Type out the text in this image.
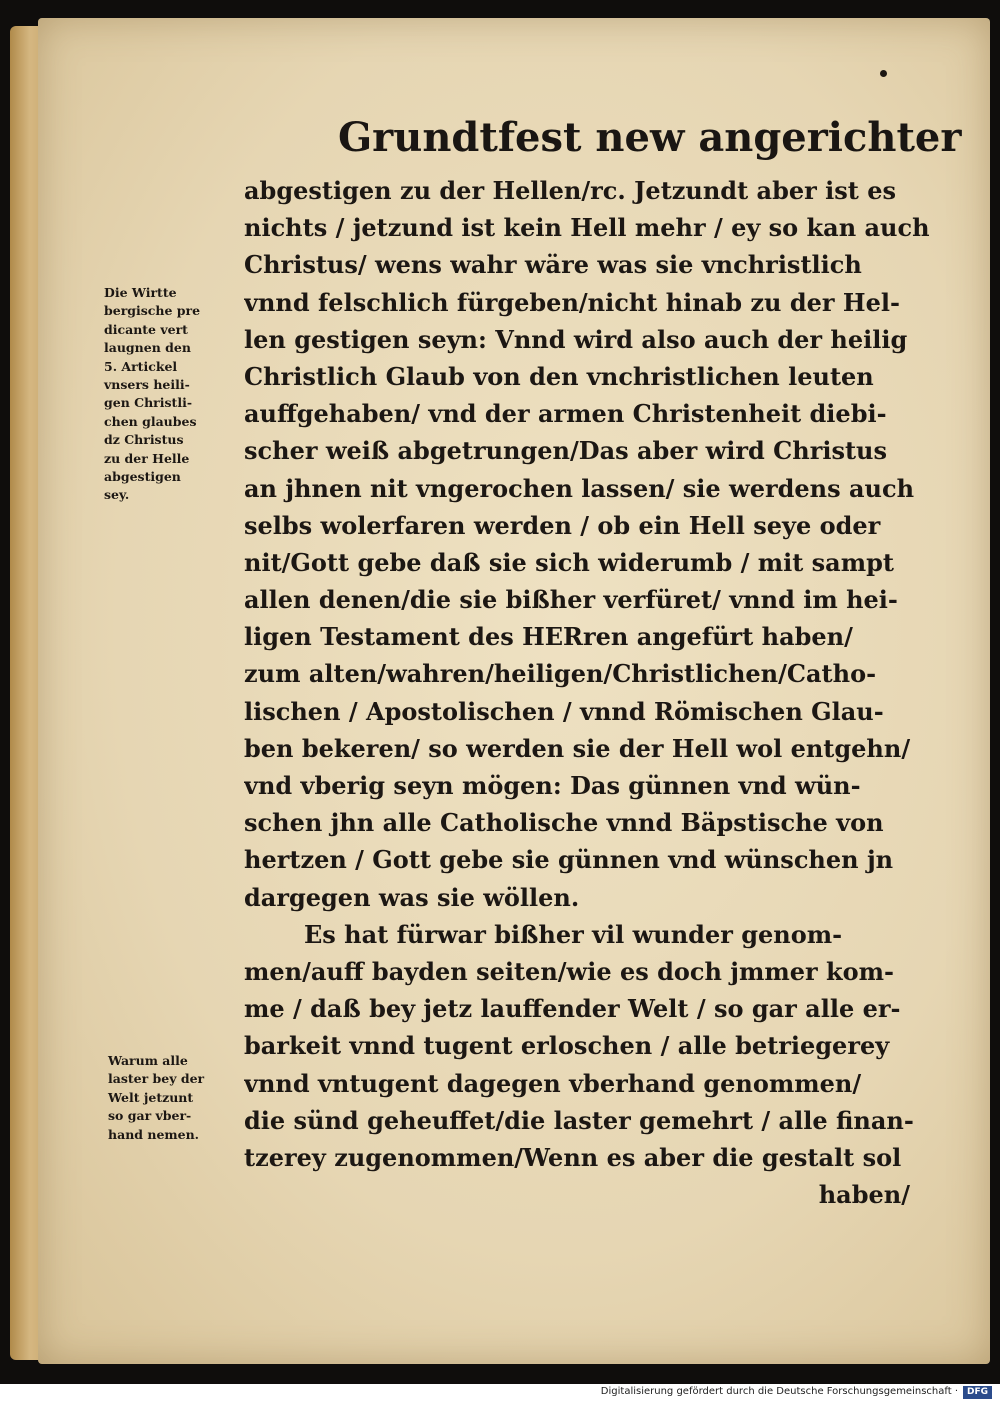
Grundtfest new angerichter
abgestigen zu der Hellen/rc. Jetzundt aber ist es
nichts / jetzund ist kein Hell mehr / ey so kan auch
Christus/ wens wahr wäre was sie vnchristlich
vnnd felschlich fürgeben/nicht hinab zu der Hel-
len gestigen seyn: Vnnd wird also auch der heilig
Christlich Glaub von den vnchristlichen leuten
auffgehaben/ vnd der armen Christenheit diebi-
scher weiß abgetrungen/Das aber wird Christus
an jhnen nit vngerochen lassen/ sie werdens auch
selbs wolerfaren werden / ob ein Hell seye oder
nit/Gott gebe daß sie sich widerumb / mit sampt
allen denen/die sie bißher verfüret/ vnnd im hei-
ligen Testament des HERren angefürt haben/
zum alten/wahren/heiligen/Christlichen/Catho-
lischen / Apostolischen / vnnd Römischen Glau-
ben bekeren/ so werden sie der Hell wol entgehn/
vnd vberig seyn mögen: Das günnen vnd wün-
schen jhn alle Catholische vnnd Bäpstische von
hertzen / Gott gebe sie günnen vnd wünschen jn
dargegen was sie wöllen.
Es hat fürwar bißher vil wunder genom-
men/auff bayden seiten/wie es doch jmmer kom-
me / daß bey jetz lauffender Welt / so gar alle er-
barkeit vnnd tugent erloschen / alle betriegerey
vnnd vntugent dagegen vberhand genommen/
die sünd geheuffet/die laster gemehrt / alle finan-
tzerey zugenommen/Wenn es aber die gestalt sol
haben/
Die Wirtte
bergische pre
dicante vert
laugnen den
5. Artickel
vnsers heili-
gen Christli-
chen glaubes
dz Christus
zu der Helle
abgestigen
sey.
Warum alle
laster bey der
Welt jetzunt
so gar vber-
hand nemen.
Digitalisierung gefördert durch die Deutsche Forschungsgemeinschaft · DFG
